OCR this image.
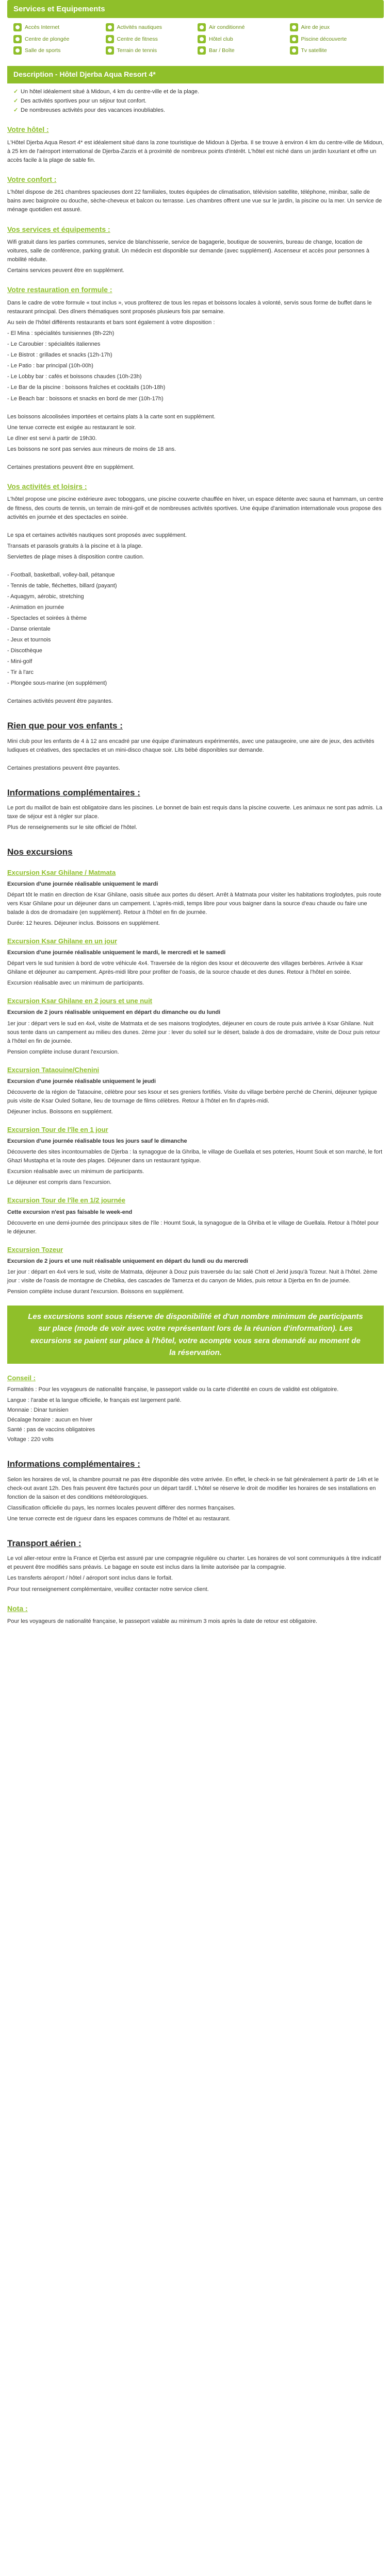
Services et Equipements
Accès Internet	Activités nautiques	Air conditionné	Aire de jeux
Centre de plongée	Centre de fitness	Hôtel club	Piscine découverte
Salle de sports	Terrain de tennis	Bar / Boîte	Tv satellite
Description - Hôtel Djerba Aqua Resort 4*
✓ Un hôtel idéalement situé à Midoun, 4 km du centre-ville et de la plage.
✓ Des activités sportives pour un séjour tout confort.
✓ De nombreuses activités pour des vacances inoubliables.
Votre hôtel :

L'Hôtel Djerba Aqua Resort 4* est idéalement situé dans la zone touristique de Midoun à Djerba. Il se trouve à environ 4 km du centre-ville de Midoun, à 25 km de l'aéroport international de Djerba-Zarzis et à proximité de nombreux points d'intérêt. L'hôtel est niché dans un jardin luxuriant et offre un accès facile à la plage de sable fin.

Votre confort :

L'hôtel dispose de 261 chambres spacieuses dont 22 familiales, toutes équipées de climatisation, télévision satellite, téléphone, minibar, salle de bains avec baignoire ou douche, sèche-cheveux et balcon ou terrasse. Les chambres offrent une vue sur le jardin, la piscine ou la mer. Un service de ménage quotidien est assuré.

Vos services et équipements :

Wifi gratuit dans les parties communes, service de blanchisserie, service de bagagerie, boutique de souvenirs, bureau de change, location de voitures, salle de conférence, parking gratuit. Un médecin est disponible sur demande (avec supplément). Ascenseur et accès pour personnes à mobilité réduite.

Certains services peuvent être en supplément.

Votre restauration en formule :

Dans le cadre de votre formule « tout inclus », vous profiterez de tous les repas et boissons locales à volonté, servis sous forme de buffet dans le restaurant principal. Des dîners thématiques sont proposés plusieurs fois par semaine.

Au sein de l'hôtel différents restaurants et bars sont également à votre disposition :

- El Mina : spécialités tunisiennes (8h-22h)

- Le Caroubier : spécialités italiennes

- Le Bistrot : grillades et snacks (12h-17h)

- Le Patio : bar principal (10h-00h)

- Le Lobby bar : cafés et boissons chaudes (10h-23h)

- Le Bar de la piscine : boissons fraîches et cocktails (10h-18h)

- Le Beach bar : boissons et snacks en bord de mer (10h-17h)

Les boissons alcoolisées importées et certains plats à la carte sont en supplément.

Une tenue correcte est exigée au restaurant le soir.

Le dîner est servi à partir de 19h30.

Les boissons ne sont pas servies aux mineurs de moins de 18 ans.

Certaines prestations peuvent être en supplément.

Vos activités et loisirs :

L'hôtel propose une piscine extérieure avec toboggans, une piscine couverte chauffée en hiver, un espace détente avec sauna et hammam, un centre de fitness, des courts de tennis, un terrain de mini-golf et de nombreuses activités sportives. Une équipe d'animation internationale vous propose des activités en journée et des spectacles en soirée.

Le spa et certaines activités nautiques sont proposés avec supplément.

Transats et parasols gratuits à la piscine et à la plage.

Serviettes de plage mises à disposition contre caution.

- Football, basketball, volley-ball, pétanque

- Tennis de table, fléchettes, billard (payant)

- Aquagym, aérobic, stretching

- Animation en journée

- Spectacles et soirées à thème

- Danse orientale

- Jeux et tournois

- Discothèque

- Mini-golf

- Tir à l'arc

- Plongée sous-marine (en supplément)

Certaines activités peuvent être payantes.

Rien que pour vos enfants :

Mini club pour les enfants de 4 à 12 ans encadré par une équipe d'animateurs expérimentés, avec une pataugeoire, une aire de jeux, des activités ludiques et créatives, des spectacles et un mini-disco chaque soir. Lits bébé disponibles sur demande.

Certaines prestations peuvent être payantes.

Informations complémentaires :

Le port du maillot de bain est obligatoire dans les piscines. Le bonnet de bain est requis dans la piscine couverte. Les animaux ne sont pas admis. La taxe de séjour est à régler sur place.

Plus de renseignements sur le site officiel de l'hôtel.

Nos excursions
Excursion Ksar Ghilane / Matmata

Excursion d'une journée réalisable uniquement le mardi

Départ tôt le matin en direction de Ksar Ghilane, oasis située aux portes du désert. Arrêt à Matmata pour visiter les habitations troglodytes, puis route vers Ksar Ghilane pour un déjeuner dans un campement. L'après-midi, temps libre pour vous baigner dans la source d'eau chaude ou faire une balade à dos de dromadaire (en supplément). Retour à l'hôtel en fin de journée.

Durée: 12 heures. Déjeuner inclus. Boissons en supplément.

Excursion Ksar Ghilane en un jour

Excursion d'une journée réalisable uniquement le mardi, le mercredi et le samedi

Départ vers le sud tunisien à bord de votre véhicule 4x4. Traversée de la région des ksour et découverte des villages berbères. Arrivée à Ksar Ghilane et déjeuner au campement. Après-midi libre pour profiter de l'oasis, de la source chaude et des dunes. Retour à l'hôtel en soirée.

Excursion réalisable avec un minimum de participants.

Excursion Ksar Ghilane en 2 jours et une nuit

Excursion de 2 jours réalisable uniquement en départ du dimanche ou du lundi

1er jour : départ vers le sud en 4x4, visite de Matmata et de ses maisons troglodytes, déjeuner en cours de route puis arrivée à Ksar Ghilane. Nuit sous tente dans un campement au milieu des dunes. 2ème jour : lever du soleil sur le désert, balade à dos de dromadaire, visite de Douz puis retour à l'hôtel en fin de journée.

Pension complète incluse durant l'excursion.

Excursion Tataouine/Chenini

Excursion d'une journée réalisable uniquement le jeudi

Découverte de la région de Tataouine, célèbre pour ses ksour et ses greniers fortifiés. Visite du village berbère perché de Chenini, déjeuner typique puis visite de Ksar Ouled Soltane, lieu de tournage de films célèbres. Retour à l'hôtel en fin d'après-midi.

Déjeuner inclus. Boissons en supplément.

Excursion Tour de l'île en 1 jour

Excursion d'une journée réalisable tous les jours sauf le dimanche

Découverte des sites incontournables de Djerba : la synagogue de la Ghriba, le village de Guellala et ses poteries, Houmt Souk et son marché, le fort Ghazi Mustapha et la route des plages. Déjeuner dans un restaurant typique.

Excursion réalisable avec un minimum de participants.

Le déjeuner est compris dans l'excursion.

Excursion Tour de l'île en 1/2 journée

Cette excursion n'est pas faisable le week-end

Découverte en une demi-journée des principaux sites de l'île : Houmt Souk, la synagogue de la Ghriba et le village de Guellala. Retour à l'hôtel pour le déjeuner.

Excursion Tozeur

Excursion de 2 jours et une nuit réalisable uniquement en départ du lundi ou du mercredi

1er jour : départ en 4x4 vers le sud, visite de Matmata, déjeuner à Douz puis traversée du lac salé Chott el Jerid jusqu'à Tozeur. Nuit à l'hôtel. 2ème jour : visite de l'oasis de montagne de Chebika, des cascades de Tamerza et du canyon de Mides, puis retour à Djerba en fin de journée.

Pension complète incluse durant l'excursion. Boissons en supplément.

Les excursions sont sous réserve de disponibilité et d'un nombre minimum de participants sur place (mode de voir avec votre représentant lors de la réunion d'information). Les excursions se paient sur place à l'hôtel, votre acompte vous sera demandé au moment de la réservation.
Conseil :

Formalités : Pour les voyageurs de nationalité française, le passeport valide ou la carte d'identité en cours de validité est obligatoire.

Langue : l'arabe et la langue officielle, le français est largement parlé.

Monnaie : Dinar tunisien

Décalage horaire : aucun en hiver

Santé : pas de vaccins obligatoires

Voltage : 220 volts

Informations complémentaires :

Selon les horaires de vol, la chambre pourrait ne pas être disponible dès votre arrivée. En effet, le check-in se fait généralement à partir de 14h et le check-out avant 12h. Des frais peuvent être facturés pour un départ tardif. L'hôtel se réserve le droit de modifier les horaires de ses installations en fonction de la saison et des conditions météorologiques.

Classification officielle du pays, les normes locales peuvent différer des normes françaises.

Une tenue correcte est de rigueur dans les espaces communs de l'hôtel et au restaurant.

Transport aérien :

Le vol aller-retour entre la France et Djerba est assuré par une compagnie régulière ou charter. Les horaires de vol sont communiqués à titre indicatif et peuvent être modifiés sans préavis. Le bagage en soute est inclus dans la limite autorisée par la compagnie.

Les transferts aéroport / hôtel / aéroport sont inclus dans le forfait.

Pour tout renseignement complémentaire, veuillez contacter notre service client.

Nota :

Pour les voyageurs de nationalité française, le passeport valable au minimum 3 mois après la date de retour est obligatoire.
